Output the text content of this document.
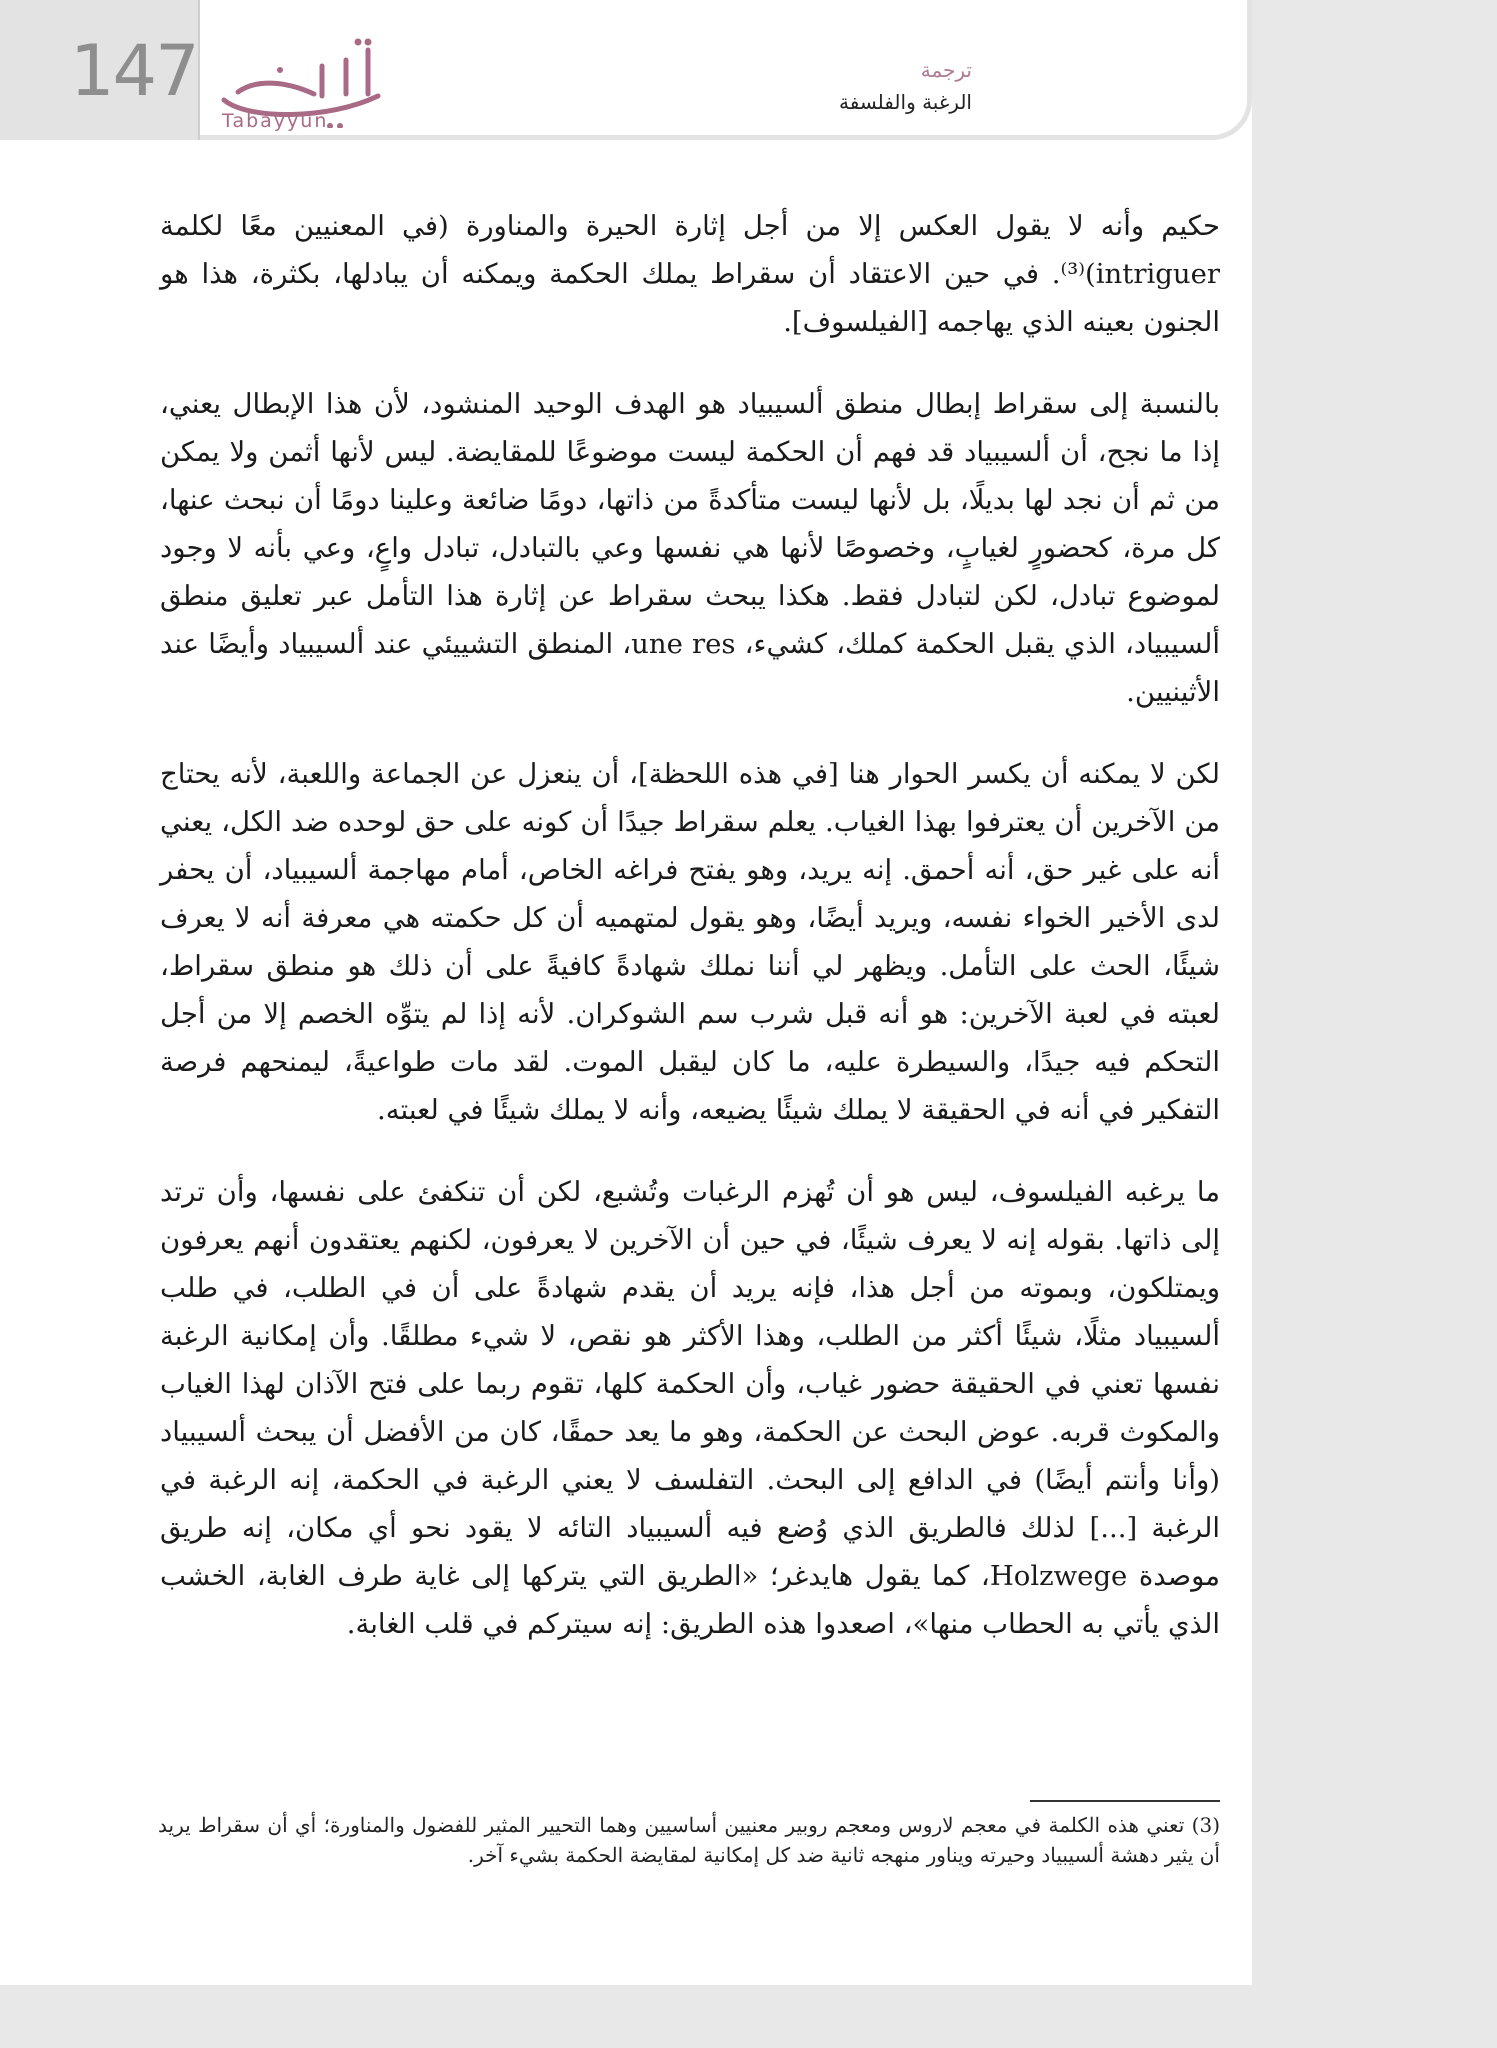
147
Tabayyun
ترجمة
الرغبة والفلسفة

حكيم وأنه لا يقول العكس إلا من أجل إثارة الحيرة والمناورة (في المعنيين معًا لكلمة intriguer)⁽³⁾. في حين الاعتقاد أن سقراط يملك الحكمة ويمكنه أن يبادلها، بكثرة، هذا هو الجنون بعينه الذي يهاجمه [الفيلسوف].

بالنسبة إلى سقراط إبطال منطق ألسيبياد هو الهدف الوحيد المنشود، لأن هذا الإبطال يعني، إذا ما نجح، أن ألسيبياد قد فهم أن الحكمة ليست موضوعًا للمقايضة. ليس لأنها أثمن ولا يمكن من ثم أن نجد لها بديلًا، بل لأنها ليست متأكدةً من ذاتها، دومًا ضائعة وعلينا دومًا أن نبحث عنها، كل مرة، كحضورٍ لغيابٍ، وخصوصًا لأنها هي نفسها وعي بالتبادل، تبادل واعٍ، وعي بأنه لا وجود لموضوع تبادل، لكن لتبادل فقط. هكذا يبحث سقراط عن إثارة هذا التأمل عبر تعليق منطق ألسيبياد، الذي يقبل الحكمة كملك، كشيء، une res، المنطق التشييئي عند ألسيبياد وأيضًا عند الأثينيين.

لكن لا يمكنه أن يكسر الحوار هنا [في هذه اللحظة]، أن ينعزل عن الجماعة واللعبة، لأنه يحتاج من الآخرين أن يعترفوا بهذا الغياب. يعلم سقراط جيدًا أن كونه على حق لوحده ضد الكل، يعني أنه على غير حق، أنه أحمق. إنه يريد، وهو يفتح فراغه الخاص، أمام مهاجمة ألسيبياد، أن يحفر لدى الأخير الخواء نفسه، ويريد أيضًا، وهو يقول لمتهميه أن كل حكمته هي معرفة أنه لا يعرف شيئًا، الحث على التأمل. ويظهر لي أننا نملك شهادةً كافيةً على أن ذلك هو منطق سقراط، لعبته في لعبة الآخرين: هو أنه قبل شرب سم الشوكران. لأنه إذا لم يتوِّه الخصم إلا من أجل التحكم فيه جيدًا، والسيطرة عليه، ما كان ليقبل الموت. لقد مات طواعيةً، ليمنحهم فرصة التفكير في أنه في الحقيقة لا يملك شيئًا يضيعه، وأنه لا يملك شيئًا في لعبته.

ما يرغبه الفيلسوف، ليس هو أن تُهزم الرغبات وتُشبع، لكن أن تنكفئ على نفسها، وأن ترتد إلى ذاتها. بقوله إنه لا يعرف شيئًا، في حين أن الآخرين لا يعرفون، لكنهم يعتقدون أنهم يعرفون ويمتلكون، وبموته من أجل هذا، فإنه يريد أن يقدم شهادةً على أن في الطلب، في طلب ألسيبياد مثلًا، شيئًا أكثر من الطلب، وهذا الأكثر هو نقص، لا شيء مطلقًا. وأن إمكانية الرغبة نفسها تعني في الحقيقة حضور غياب، وأن الحكمة كلها، تقوم ربما على فتح الآذان لهذا الغياب والمكوث قربه. عوض البحث عن الحكمة، وهو ما يعد حمقًا، كان من الأفضل أن يبحث ألسيبياد (وأنا وأنتم أيضًا) في الدافع إلى البحث. التفلسف لا يعني الرغبة في الحكمة، إنه الرغبة في الرغبة [...] لذلك فالطريق الذي وُضع فيه ألسيبياد التائه لا يقود نحو أي مكان، إنه طريق موصدة Holzwege، كما يقول هايدغر؛ «الطريق التي يتركها إلى غاية طرف الغابة، الخشب الذي يأتي به الحطاب منها»، اصعدوا هذه الطريق: إنه سيتركم في قلب الغابة.

(3) تعني هذه الكلمة في معجم لاروس ومعجم روبير معنيين أساسيين وهما التحيير المثير للفضول والمناورة؛ أي أن سقراط يريد أن يثير دهشة ألسيبياد وحيرته ويناور منهجه ثانية ضد كل إمكانية لمقايضة الحكمة بشيء آخر.
